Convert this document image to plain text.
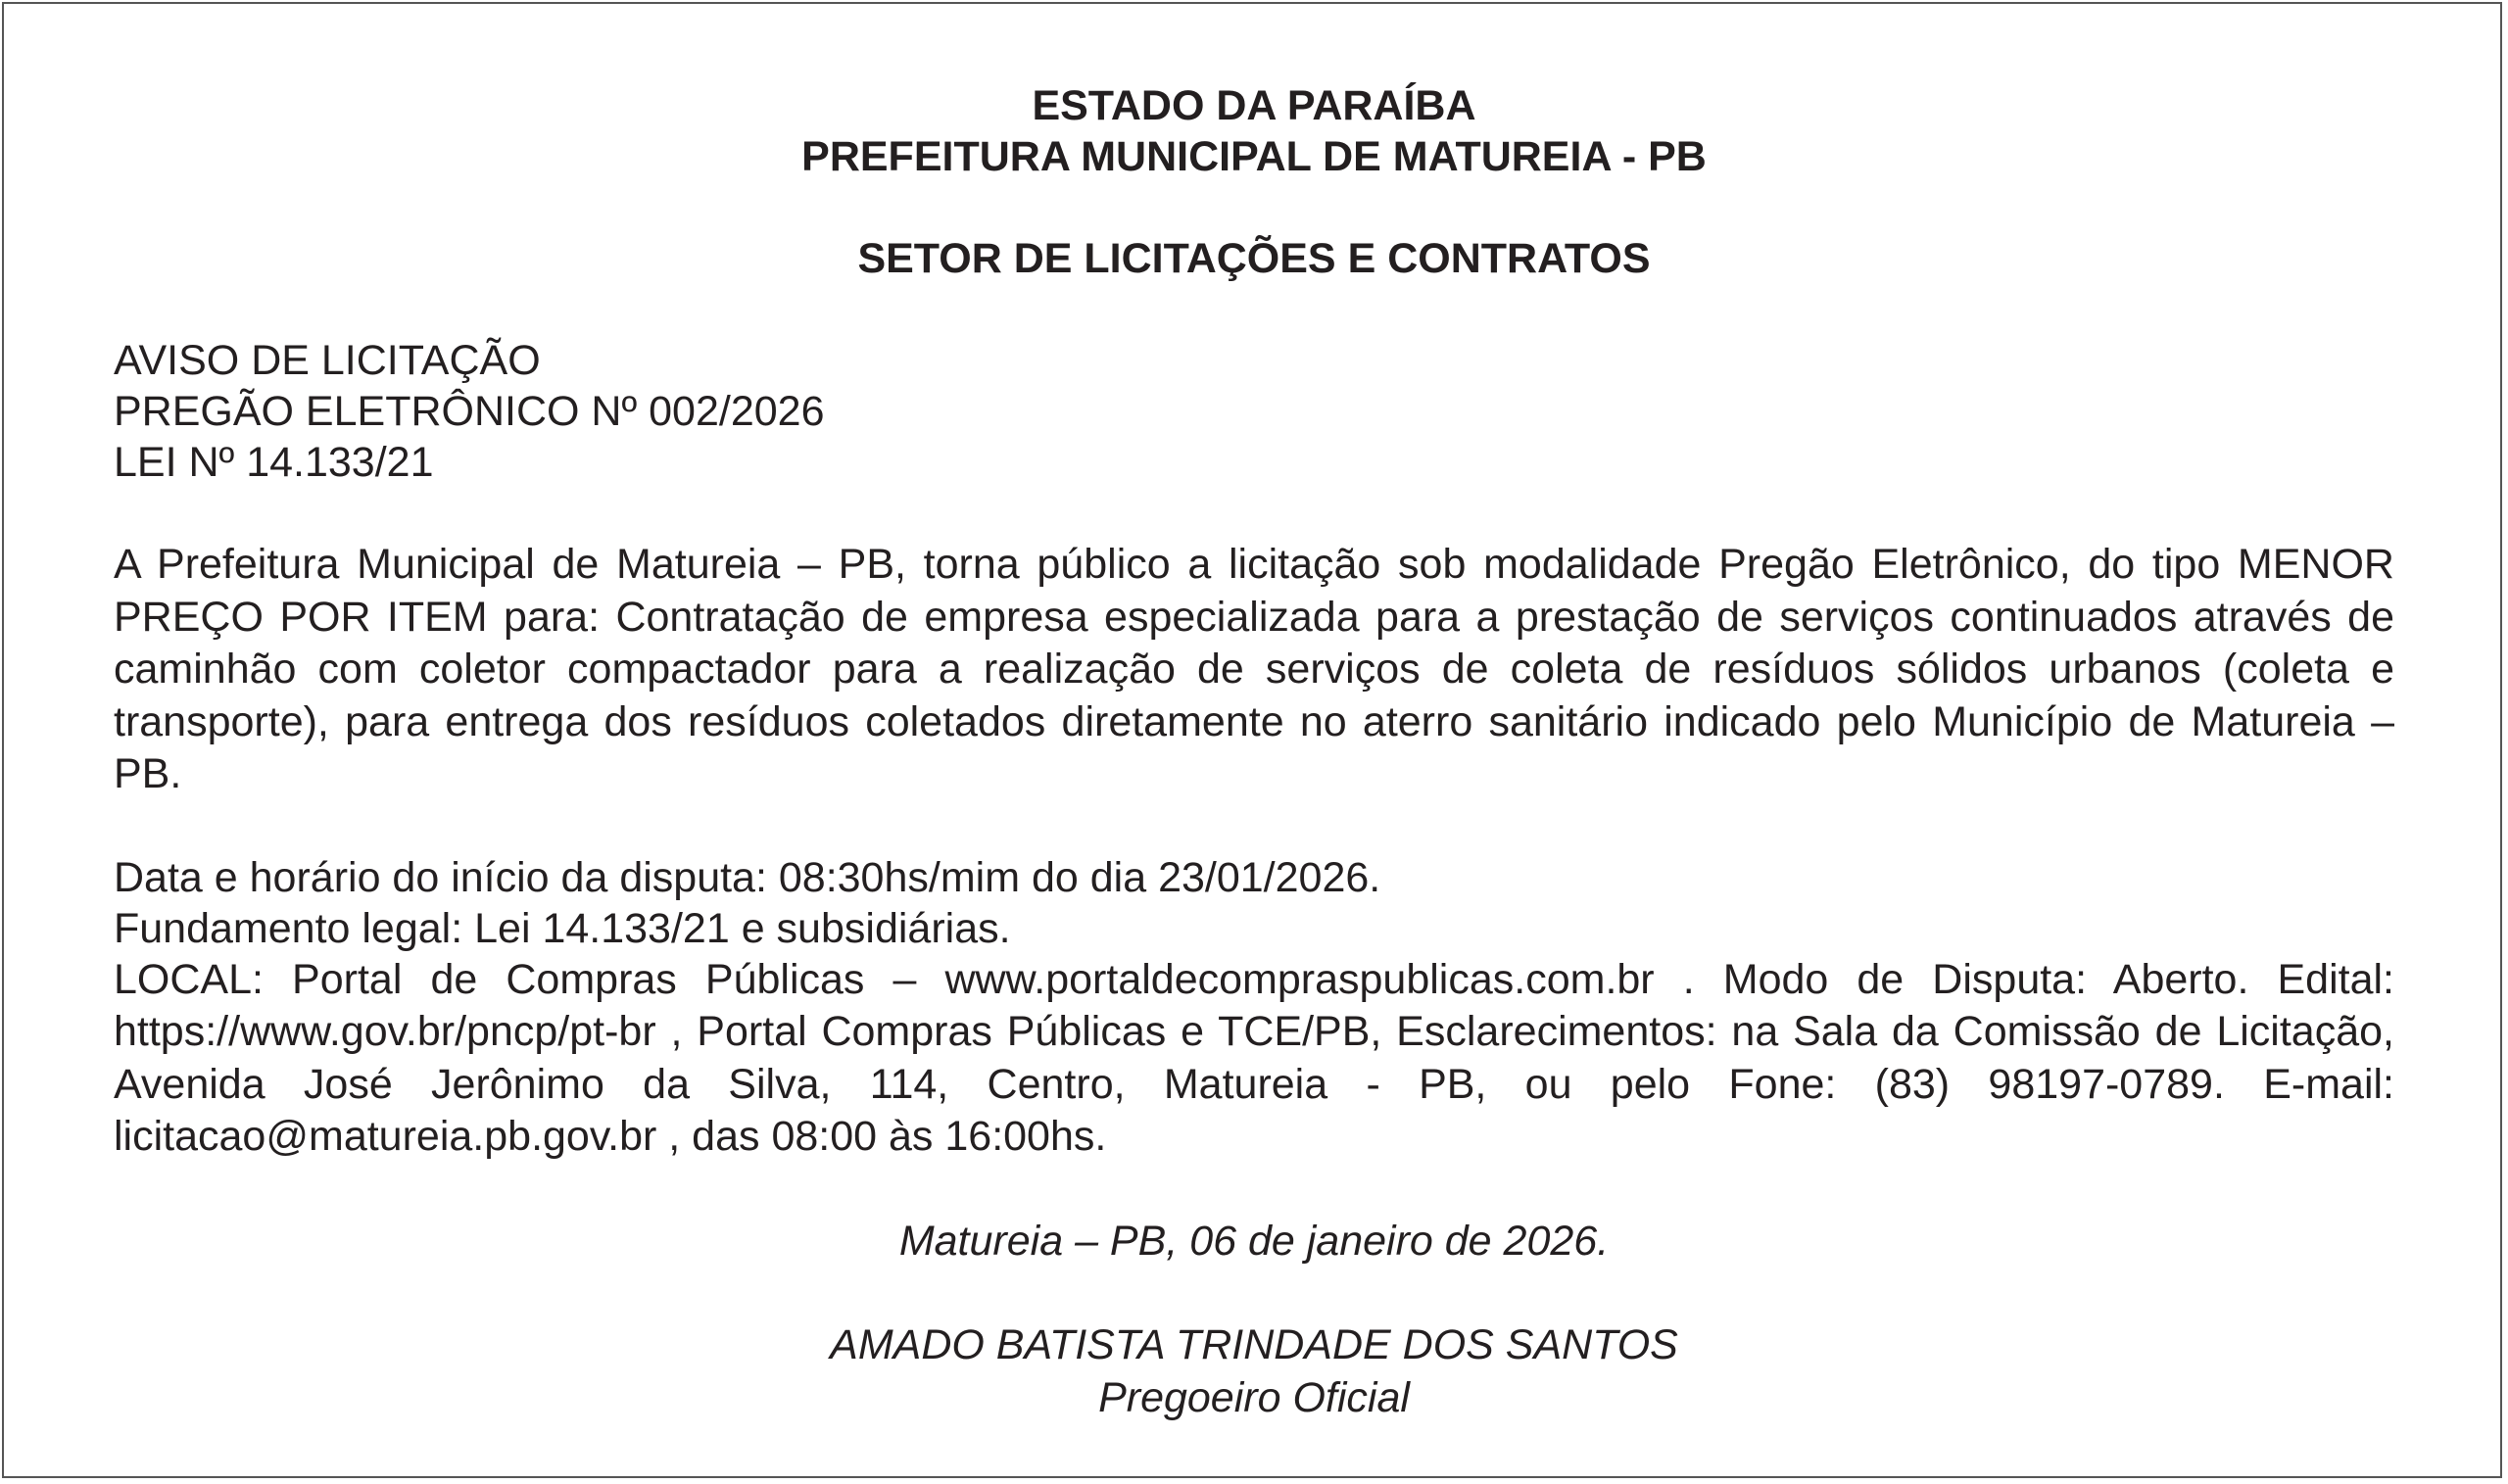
ESTADO DA PARAÍBA

PREFEITURA MUNICIPAL DE MATUREIA - PB

SETOR DE LICITAÇÕES E CONTRATOS

AVISO DE LICITAÇÃO

PREGÃO ELETRÔNICO Nº 002/2026

LEI Nº 14.133/21

A Prefeitura Municipal de Matureia – PB, torna público a licitação sob modalidade Pregão Eletrônico, do tipo MENOR PREÇO POR ITEM para: Contratação de empresa especializada para a prestação de serviços continuados através de caminhão com coletor compactador para a realização de serviços de coleta de resíduos sólidos urbanos (coleta e transporte), para entrega dos resíduos coletados diretamente no aterro sanitário indicado pelo Município de Matureia – PB.

Data e horário do início da disputa: 08:30hs/mim do dia 23/01/2026.

Fundamento legal: Lei 14.133/21 e subsidiárias.

LOCAL: Portal de Compras Públicas – www.portaldecompraspublicas.com.br . Modo de Disputa: Aberto. Edital: https://www.gov.br/pncp/pt-br , Portal Compras Públicas e TCE/PB, Esclarecimentos: na Sala da Comissão de Licitação, Avenida José Jerônimo da Silva, 114, Centro, Matureia - PB, ou pelo Fone: (83) 98197-0789. E-mail: licitacao@matureia.pb.gov.br , das 08:00 às 16:00hs.

Matureia – PB, 06 de janeiro de 2026.

AMADO BATISTA TRINDADE DOS SANTOS

Pregoeiro Oficial
